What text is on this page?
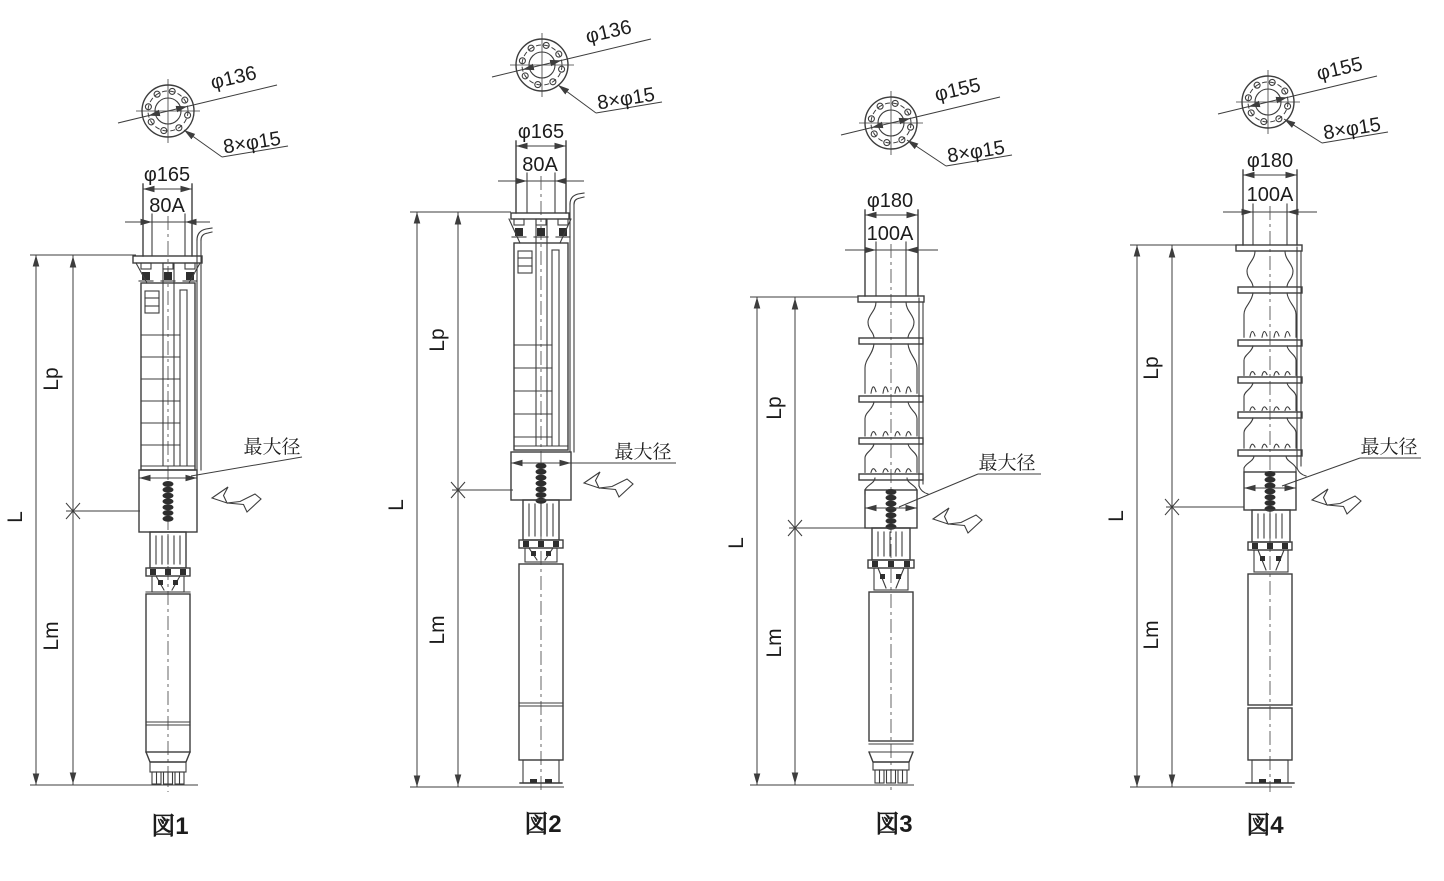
φ136
8×φ15
φ165
80A
最大径
L
Lp
Lm
図1
φ136
8×φ15
φ165
80A
最大径
L
Lp
Lm
図2
φ155
8×φ15
φ180
100A
最大径
L
Lp
Lm
図3
φ155
8×φ15
φ180
100A
最大径
L
Lp
Lm
図4
